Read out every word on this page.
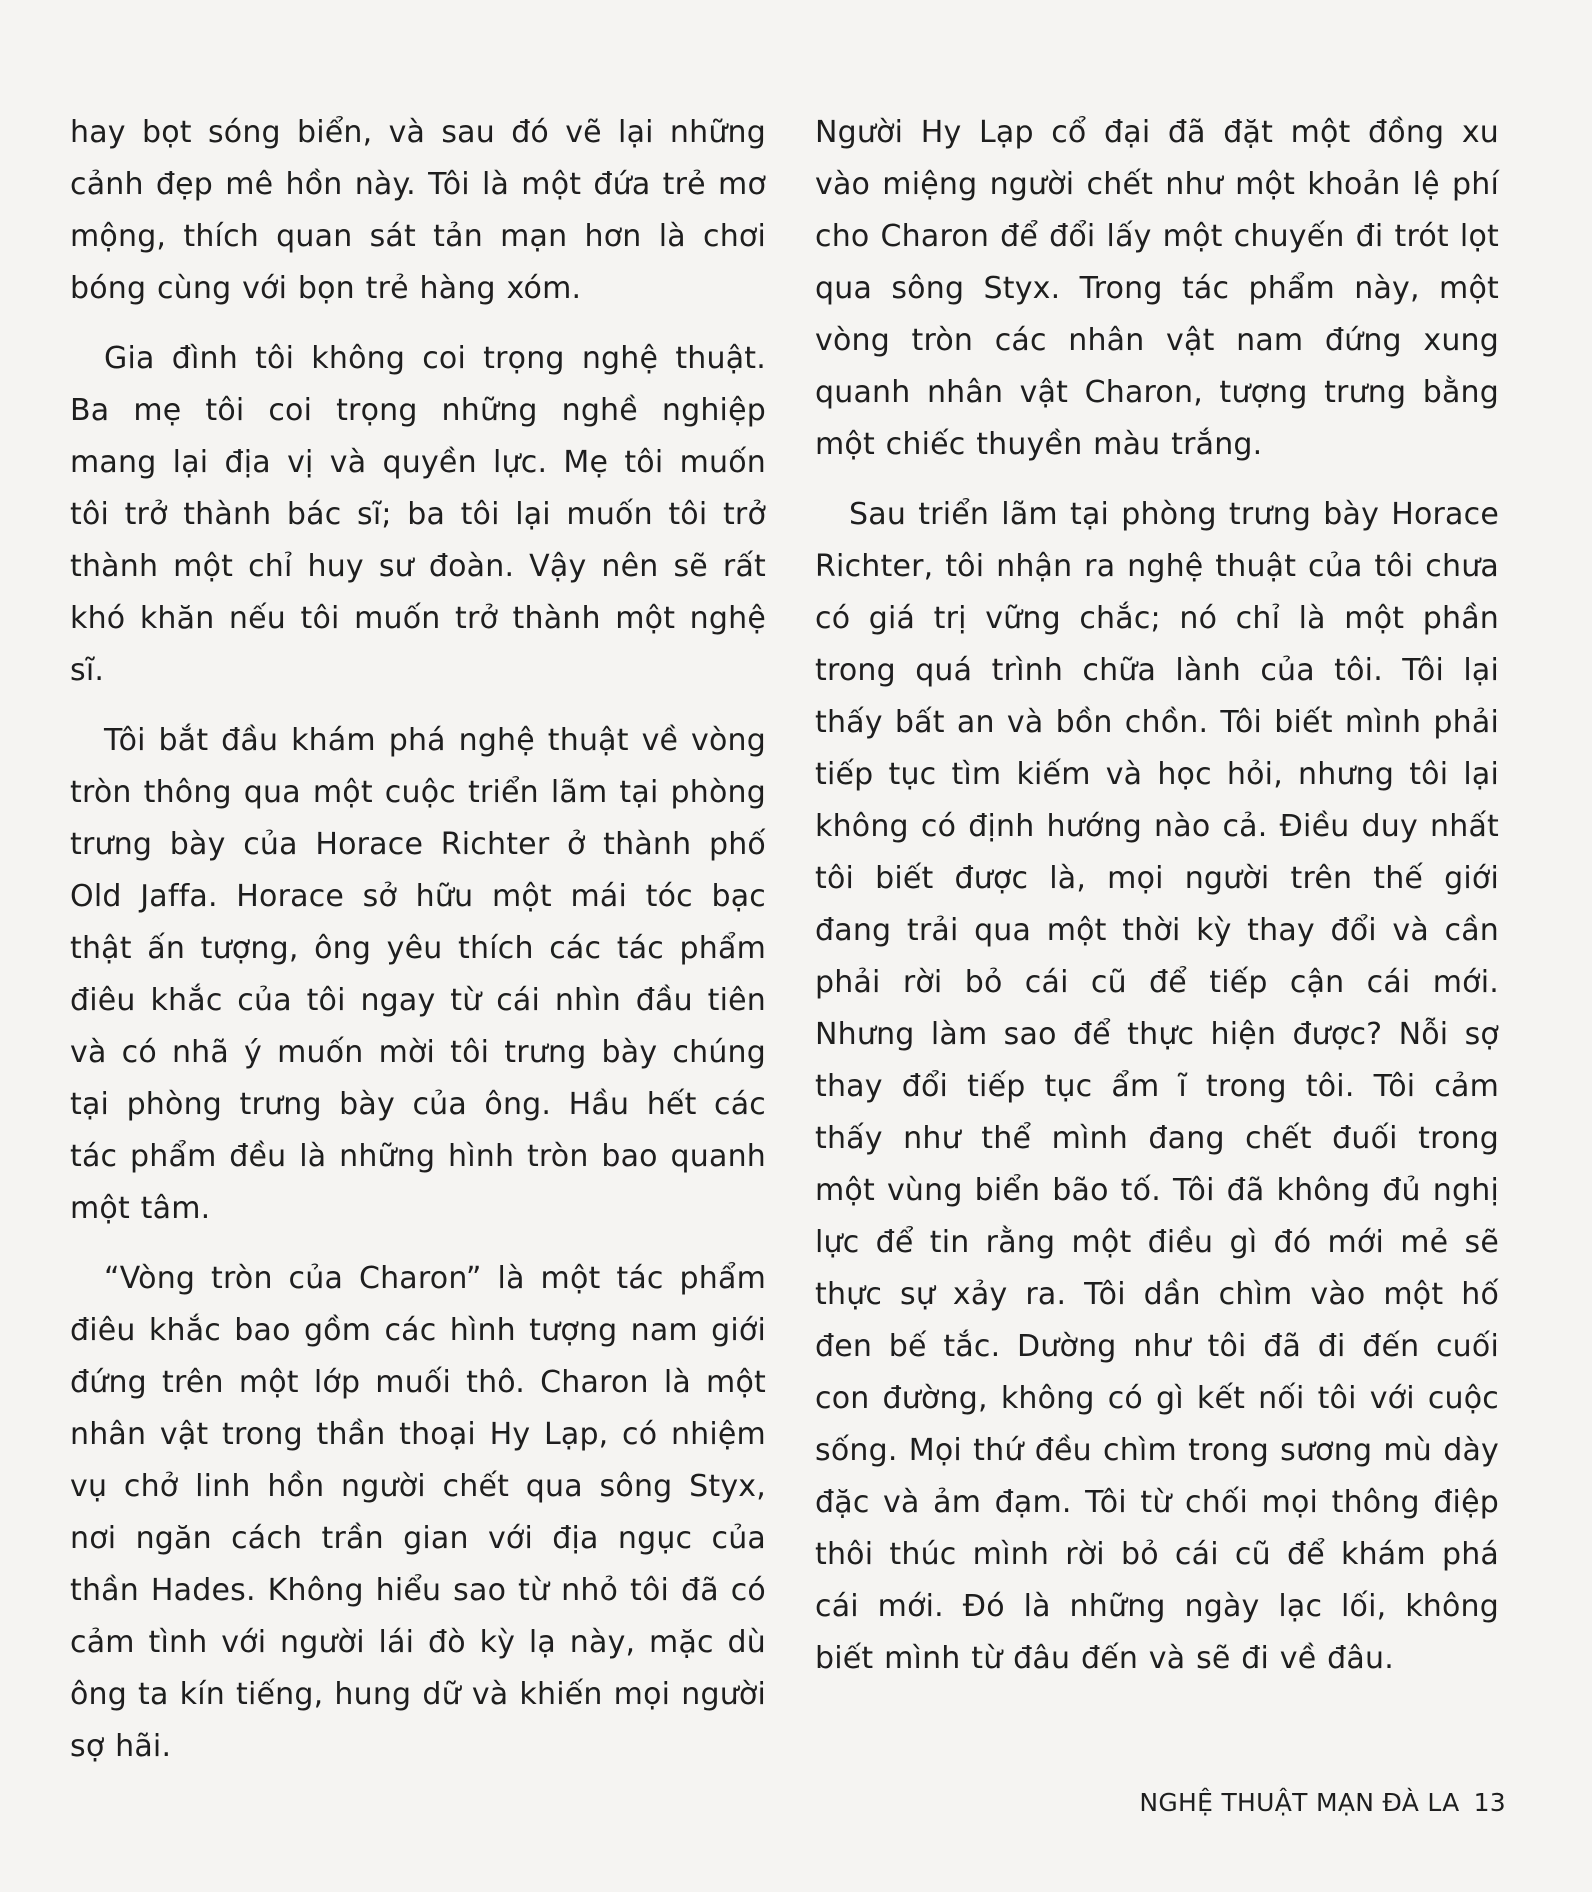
hay bọt sóng biển, và sau đó vẽ lại những cảnh đẹp mê hồn này. Tôi là một đứa trẻ mơ mộng, thích quan sát tản mạn hơn là chơi bóng cùng với bọn trẻ hàng xóm.

Gia đình tôi không coi trọng nghệ thuật. Ba mẹ tôi coi trọng những nghề nghiệp mang lại địa vị và quyền lực. Mẹ tôi muốn tôi trở thành bác sĩ; ba tôi lại muốn tôi trở thành một chỉ huy sư đoàn. Vậy nên sẽ rất khó khăn nếu tôi muốn trở thành một nghệ sĩ.

Tôi bắt đầu khám phá nghệ thuật về vòng tròn thông qua một cuộc triển lãm tại phòng trưng bày của Horace Richter ở thành phố Old Jaffa. Horace sở hữu một mái tóc bạc thật ấn tượng, ông yêu thích các tác phẩm điêu khắc của tôi ngay từ cái nhìn đầu tiên và có nhã ý muốn mời tôi trưng bày chúng tại phòng trưng bày của ông. Hầu hết các tác phẩm đều là những hình tròn bao quanh một tâm.

“Vòng tròn của Charon” là một tác phẩm điêu khắc bao gồm các hình tượng nam giới đứng trên một lớp muối thô. Charon là một nhân vật trong thần thoại Hy Lạp, có nhiệm vụ chở linh hồn người chết qua sông Styx, nơi ngăn cách trần gian với địa ngục của thần Hades. Không hiểu sao từ nhỏ tôi đã có cảm tình với người lái đò kỳ lạ này, mặc dù ông ta kín tiếng, hung dữ và khiến mọi người sợ hãi.

Người Hy Lạp cổ đại đã đặt một đồng xu vào miệng người chết như một khoản lệ phí cho Charon để đổi lấy một chuyến đi trót lọt qua sông Styx. Trong tác phẩm này, một vòng tròn các nhân vật nam đứng xung quanh nhân vật Charon, tượng trưng bằng một chiếc thuyền màu trắng.

Sau triển lãm tại phòng trưng bày Horace Richter, tôi nhận ra nghệ thuật của tôi chưa có giá trị vững chắc; nó chỉ là một phần trong quá trình chữa lành của tôi. Tôi lại thấy bất an và bồn chồn. Tôi biết mình phải tiếp tục tìm kiếm và học hỏi, nhưng tôi lại không có định hướng nào cả. Điều duy nhất tôi biết được là, mọi người trên thế giới đang trải qua một thời kỳ thay đổi và cần phải rời bỏ cái cũ để tiếp cận cái mới. Nhưng làm sao để thực hiện được? Nỗi sợ thay đổi tiếp tục ẩm ĩ trong tôi. Tôi cảm thấy như thể mình đang chết đuối trong một vùng biển bão tố. Tôi đã không đủ nghị lực để tin rằng một điều gì đó mới mẻ sẽ thực sự xảy ra. Tôi dần chìm vào một hố đen bế tắc. Dường như tôi đã đi đến cuối con đường, không có gì kết nối tôi với cuộc sống. Mọi thứ đều chìm trong sương mù dày đặc và ảm đạm. Tôi từ chối mọi thông điệp thôi thúc mình rời bỏ cái cũ để khám phá cái mới. Đó là những ngày lạc lối, không biết mình từ đâu đến và sẽ đi về đâu.

NGHỆ THUẬT MẠN ĐÀ LA 13
